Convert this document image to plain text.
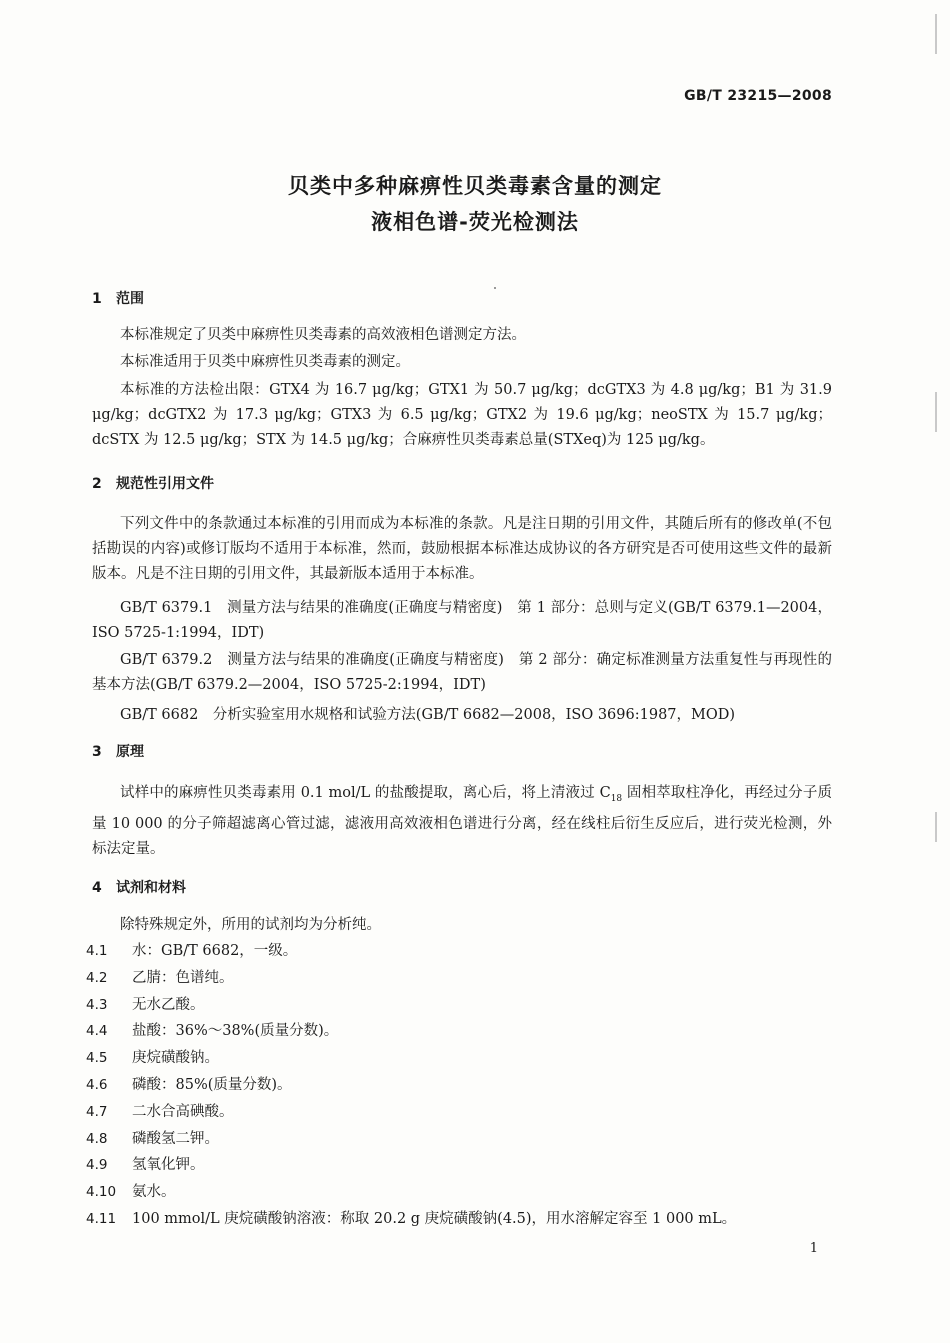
GB/T 23215—2008
贝类中多种麻痹性贝类毒素含量的测定
液相色谱-荧光检测法
1 范围
本标准规定了贝类中麻痹性贝类毒素的高效液相色谱测定方法。
本标准适用于贝类中麻痹性贝类毒素的测定。
本标准的方法检出限：GTX4 为 16.7 μg/kg；GTX1 为 50.7 μg/kg；dcGTX3 为 4.8 μg/kg；B1 为 31.9 μg/kg；dcGTX2 为 17.3 μg/kg；GTX3 为 6.5 μg/kg；GTX2 为 19.6 μg/kg；neoSTX 为 15.7 μg/kg；dcSTX 为 12.5 μg/kg；STX 为 14.5 μg/kg；合麻痹性贝类毒素总量(STXeq)为 125 μg/kg。
2 规范性引用文件
下列文件中的条款通过本标准的引用而成为本标准的条款。凡是注日期的引用文件，其随后所有的修改单(不包括勘误的内容)或修订版均不适用于本标准，然而，鼓励根据本标准达成协议的各方研究是否可使用这些文件的最新版本。凡是不注日期的引用文件，其最新版本适用于本标准。
GB/T 6379.1　测量方法与结果的准确度(正确度与精密度)　第 1 部分：总则与定义(GB/T 6379.1—2004，ISO 5725-1:1994，IDT)
GB/T 6379.2　测量方法与结果的准确度(正确度与精密度)　第 2 部分：确定标准测量方法重复性与再现性的基本方法(GB/T 6379.2—2004，ISO 5725-2:1994，IDT)
GB/T 6682　分析实验室用水规格和试验方法(GB/T 6682—2008，ISO 3696:1987，MOD)
3 原理
试样中的麻痹性贝类毒素用 0.1 mol/L 的盐酸提取，离心后，将上清液过 $C_{18}$ 固相萃取柱净化，再经过分子质量 10 000 的分子筛超滤离心管过滤，滤液用高效液相色谱进行分离，经在线柱后衍生反应后，进行荧光检测，外标法定量。
4 试剂和材料
除特殊规定外，所用的试剂均为分析纯。
4.1 水：GB/T 6682，一级。
4.2 乙腈：色谱纯。
4.3 无水乙酸。
4.4 盐酸：36%～38%(质量分数)。
4.5 庚烷磺酸钠。
4.6 磷酸：85%(质量分数)。
4.7 二水合高碘酸。
4.8 磷酸氢二钾。
4.9 氢氧化钾。
4.10 氨水。
4.11 100 mmol/L 庚烷磺酸钠溶液：称取 20.2 g 庚烷磺酸钠(4.5)，用水溶解定容至 1 000 mL。
1
